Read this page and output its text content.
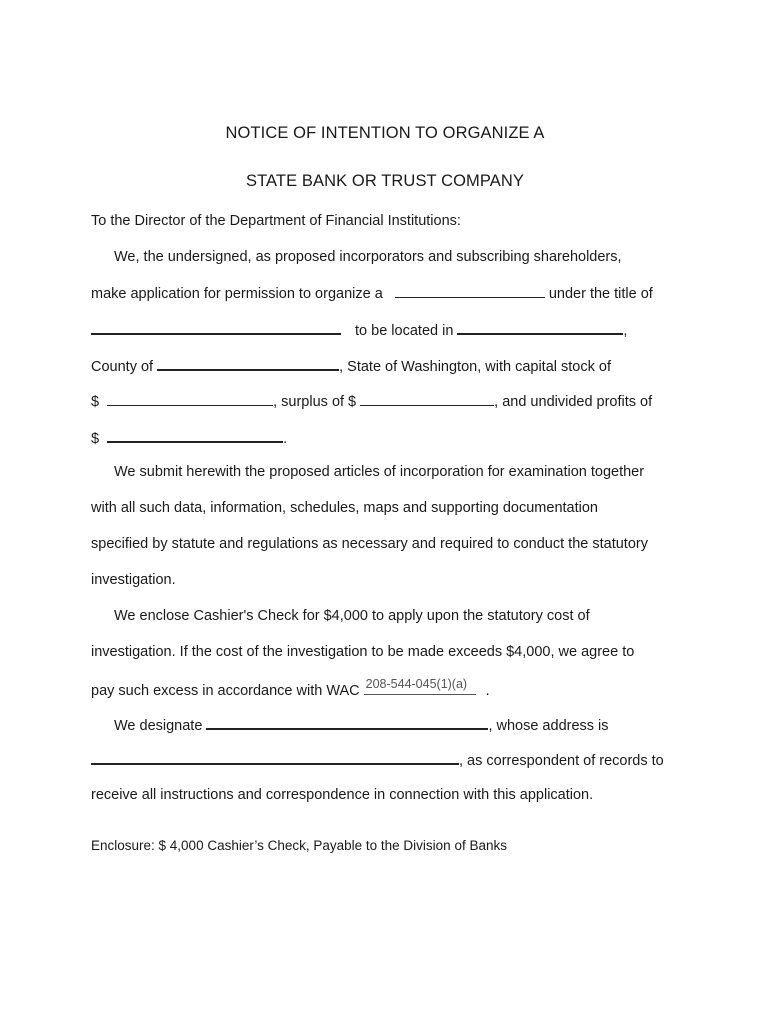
NOTICE OF INTENTION TO ORGANIZE A
STATE BANK OR TRUST COMPANY
To the Director of the Department of Financial Institutions:
We, the undersigned, as proposed incorporators and subscribing shareholders,
make application for permission to organize a	under the title of
to be located in	,
County of	, State of Washington, with capital stock of
$	, surplus of $	, and undivided profits of
$	.
We submit herewith the proposed articles of incorporation for examination together
with all such data, information, schedules, maps and supporting documentation
specified by statute and regulations as necessary and required to conduct the statutory
investigation.
We enclose Cashier's Check for $4,000 to apply upon the statutory cost of
investigation. If the cost of the investigation to be made exceeds $4,000, we agree to
pay such excess in accordance with WAC 208-544-045(1)(a) .
We designate	, whose address is
, as correspondent of records to
receive all instructions and correspondence in connection with this application.
Enclosure: $ 4,000 Cashier’s Check, Payable to the Division of Banks
